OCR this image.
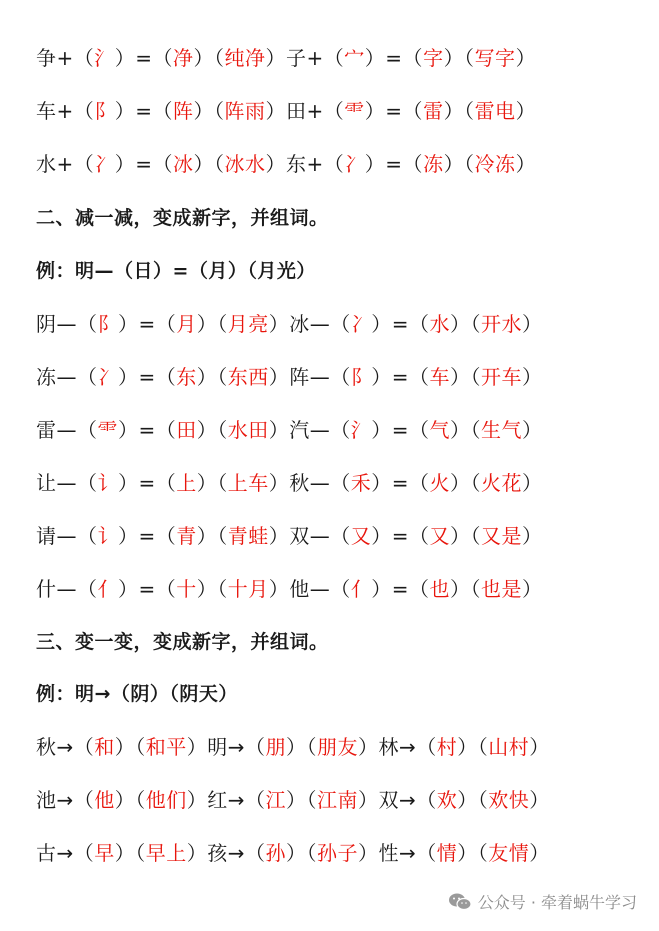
争+（氵）=（净）（纯净）子+（宀）=（字）（写字）
车+（阝）=（阵）（阵雨）田+（⻗）=（雷）（雷电）
水+（冫）=（冰）（冰水）东+（冫）=（冻）（冷冻）
二、减一减，变成新字，并组词。
例：明—（日）=（月）（月光）
阴—（阝）=（月）（月亮）冰—（冫）=（水）（开水）
冻—（冫）=（东）（东西）阵—（阝）=（车）（开车）
雷—（⻗）=（田）（水田）汽—（氵）=（气）（生气）
让—（讠）=（上）（上车）秋—（禾）=（火）（火花）
请—（讠）=（青）（青蛙）双—（又）=（又）（又是）
什—（亻）=（十）（十月）他—（亻）=（也）（也是）
三、变一变，变成新字，并组词。
例：明→（阴）（阴天）
秋→（和）（和平）明→（朋）（朋友）林→（村）（山村）
池→（他）（他们）红→（江）（江南）双→（欢）（欢快）
古→（早）（早上）孩→（孙）（孙子）性→（情）（友情）
公众号 · 牵着蜗牛学习
